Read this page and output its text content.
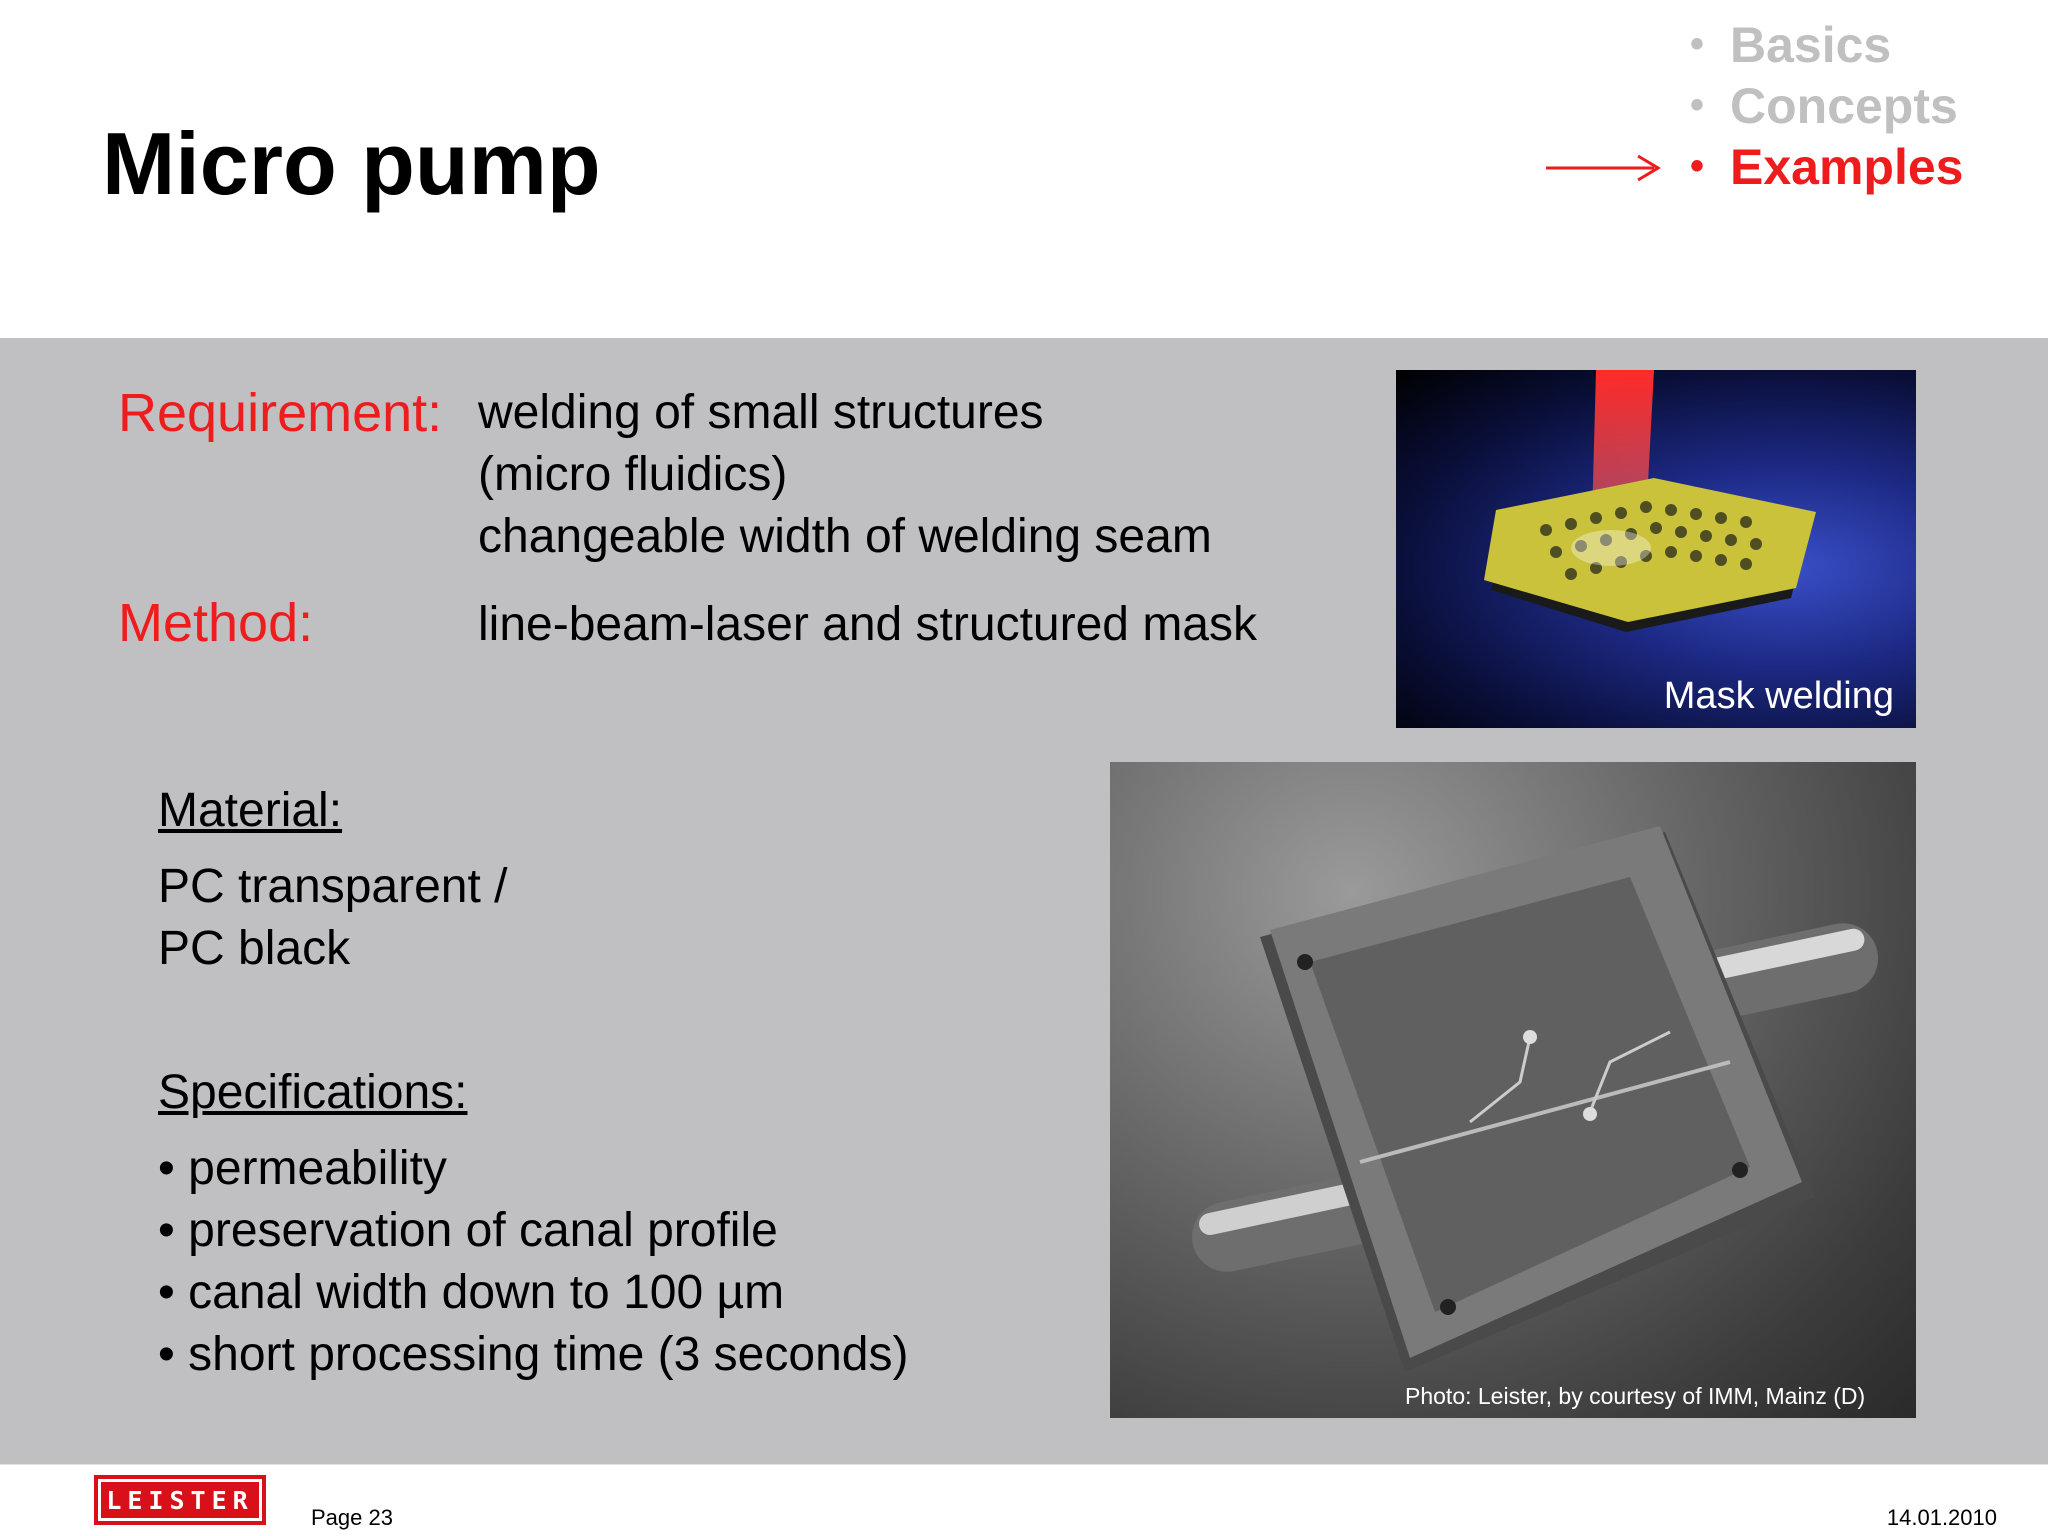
Micro pump
• Basics
• Concepts
• Examples
Requirement: welding of small structures
(micro fluidics)
changeable width of welding seam
Method:	line-beam-laser and structured mask
Material:
PC transparent /
PC black
Specifications:
• permeability
• preservation of canal profile
• canal width down to 100 µm
• short processing time (3 seconds)
Mask welding
Photo: Leister, by courtesy of IMM, Mainz (D)
LEISTER
Page 23	14.01.2010
